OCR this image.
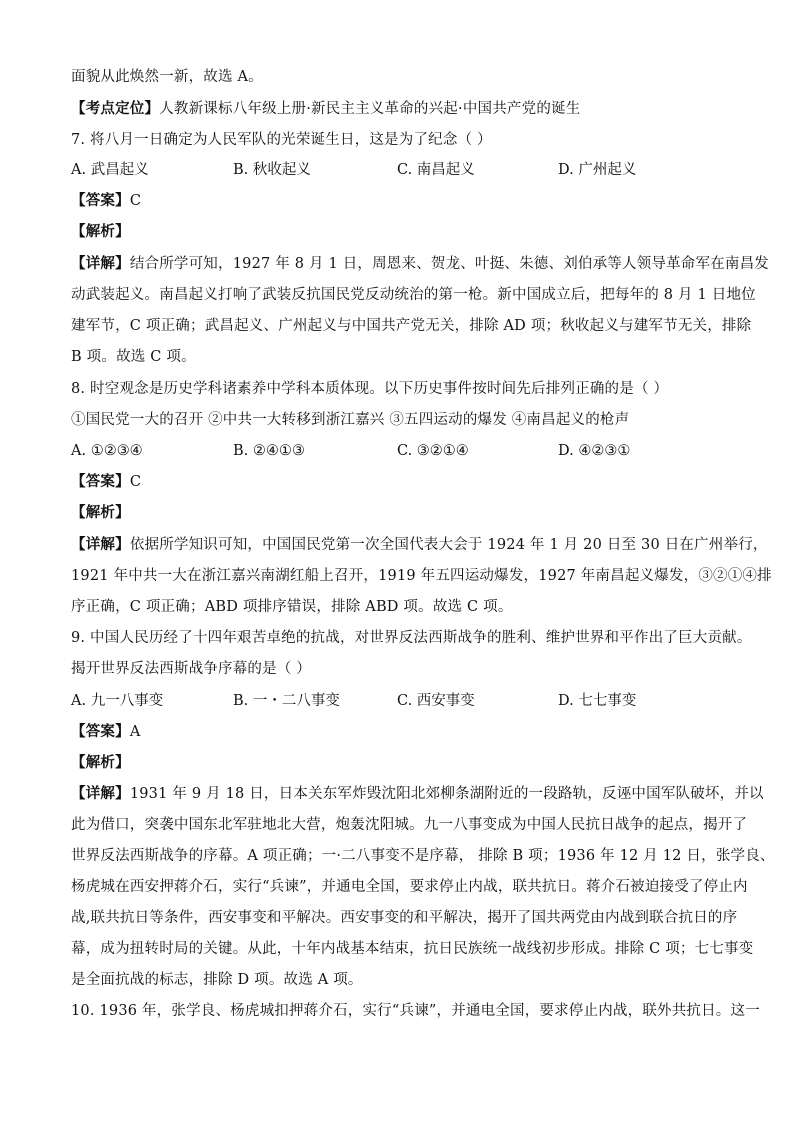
面貌从此焕然一新，故选 A。
【考点定位】人教新课标八年级上册·新民主主义革命的兴起·中国共产党的诞生
7. 将八月一日确定为人民军队的光荣诞生日，这是为了纪念（ ）
A. 武昌起义	B. 秋收起义	C. 南昌起义	D. 广州起义
【答案】C
【解析】
【详解】结合所学可知，1927 年 8 月 1 日，周恩来、贺龙、叶挺、朱德、刘伯承等人领导革命军在南昌发
动武装起义。南昌起义打响了武装反抗国民党反动统治的第一枪。新中国成立后，把每年的 8 月 1 日地位
建军节，C 项正确；武昌起义、广州起义与中国共产党无关，排除 AD 项；秋收起义与建军节无关，排除
B 项。故选 C 项。
8. 时空观念是历史学科诸素养中学科本质体现。以下历史事件按时间先后排列正确的是（ ）
①国民党一大的召开 ②中共一大转移到浙江嘉兴 ③五四运动的爆发 ④南昌起义的枪声
A. ①②③④	B. ②④①③	C. ③②①④	D. ④②③①
【答案】C
【解析】
【详解】依据所学知识可知，中国国民党第一次全国代表大会于 1924 年 1 月 20 日至 30 日在广州举行，
1921 年中共一大在浙江嘉兴南湖红船上召开，1919 年五四运动爆发，1927 年南昌起义爆发，③②①④排
序正确，C 项正确；ABD 项排序错误，排除 ABD 项。故选 C 项。
9. 中国人民历经了十四年艰苦卓绝的抗战，对世界反法西斯战争的胜利、维护世界和平作出了巨大贡献。
揭开世界反法西斯战争序幕的是（ ）
A. 九一八事变	B. 一・二八事变	C. 西安事变	D. 七七事变
【答案】A
【解析】
【详解】1931 年 9 月 18 日，日本关东军炸毁沈阳北郊柳条湖附近的一段路轨，反诬中国军队破坏，并以
此为借口，突袭中国东北军驻地北大营，炮轰沈阳城。九一八事变成为中国人民抗日战争的起点，揭开了
世界反法西斯战争的序幕。A 项正确；一·二八事变不是序幕， 排除 B 项；1936 年 12 月 12 日，张学良、
杨虎城在西安押蒋介石，实行“兵谏”，并通电全国，要求停止内战，联共抗日。蒋介石被迫接受了停止内
战,联共抗日等条件，西安事变和平解决。西安事变的和平解决，揭开了国共两党由内战到联合抗日的序
幕，成为扭转时局的关键。从此，十年内战基本结束，抗日民族统一战线初步形成。排除 C 项；七七事变
是全面抗战的标志，排除 D 项。故选 A 项。
10. 1936 年，张学良、杨虎城扣押蒋介石，实行“兵谏”，并通电全国，要求停止内战，联外共抗日。这一
